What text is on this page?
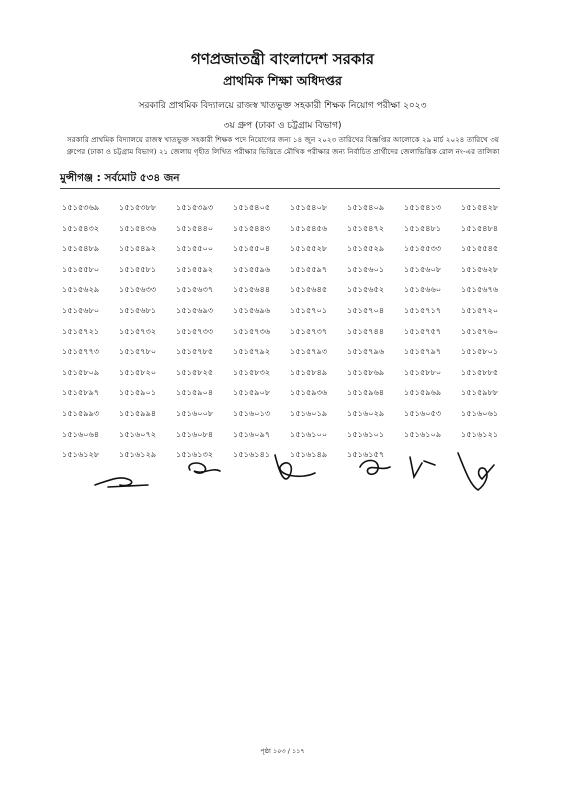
গণপ্রজাতন্ত্রী বাংলাদেশ সরকার
প্রাথমিক শিক্ষা অধিদপ্তর
সরকারি প্রাথমিক বিদ্যালয়ে রাজস্ব খাতভুক্ত সহকারী শিক্ষক নিয়োগ পরীক্ষা ২০২৩
৩য় গ্রুপ (ঢাকা ও চট্টগ্রাম বিভাগ)
সরকারি প্রাথমিক বিদ্যালয়ে রাজস্ব খাতভুক্ত সহকারী শিক্ষক পদে নিয়োগের জন্য ১৪ জুন ২০২৩ তারিখের বিজ্ঞপ্তির আলোকে ২৯ মার্চ ২০২৪ তারিখে ৩য় গ্রুপের (ঢাকা ও চট্টগ্রাম বিভাগ) ২১ জেলায় গৃহীত লিখিত পরীক্ষার ভিত্তিতে মৌখিক পরীক্ষার জন্য নির্বাচিত প্রার্থীদের জেলাভিত্তিক রোল নং-এর তালিকা
মুন্সীগঞ্জ : সর্বমোট ৫৩৪ জন
১৫১৫৩৬৯	১৫১৫৩৮৮	১৫১৫৩৯৩	১৫১৫৪০৫	১৫১৫৪০৮	১৫১৫৪০৯	১৫১৫৪১৩	১৫১৫৪২৮
১৫১৫৪৩২	১৫১৫৪৩৬	১৫১৫৪৪০	১৫১৫৪৪৩	১৫১৫৪৫৬	১৫১৫৪৭২	১৫১৫৪৮১	১৫১৫৪৮৪
১৫১৫৪৮৯	১৫১৫৪৯২	১৫১৫৫০০	১৫১৫৫০৪	১৫১৫৫২৮	১৫১৫৫২৯	১৫১৫৫৩৩	১৫১৫৫৪৫
১৫১৫৫৮০	১৫১৫৫৮১	১৫১৫৫৯২	১৫১৫৫৯৬	১৫১৫৫৯৭	১৫১৫৬০১	১৫১৫৬০৮	১৫১৫৬২৮
১৫১৫৬২৯	১৫১৫৬৩৩	১৫১৫৬৩৭	১৫১৫৬৪৪	১৫১৫৬৪৫	১৫১৫৬৫২	১৫১৫৬৬০	১৫১৫৬৭৬
১৫১৫৬৮০	১৫১৫৬৮১	১৫১৫৬৯৩	১৫১৫৬৯৬	১৫১৫৭০১	১৫১৫৭০৪	১৫১৫৭১৭	১৫১৫৭২০
১৫১৫৭২১	১৫১৫৭৩২	১৫১৫৭৩৩	১৫১৫৭৩৬	১৫১৫৭৩৭	১৫১৫৭৪৪	১৫১৫৭৫৭	১৫১৫৭৬০
১৫১৫৭৭৩	১৫১৫৭৮০	১৫১৫৭৮৫	১৫১৫৭৯২	১৫১৫৭৯৩	১৫১৫৭৯৬	১৫১৫৭৯৭	১৫১৫৮০১
১৫১৫৮০৯	১৫১৫৮২০	১৫১৫৮২৫	১৫১৫৮৩২	১৫১৫৮৪৯	১৫১৫৮৬৯	১৫১৫৮৮০	১৫১৫৮৮৫
১৫১৫৮৯৭	১৫১৫৯০১	১৫১৫৯০৪	১৫১৫৯০৮	১৫১৫৯৩৬	১৫১৫৯৬৪	১৫১৫৯৬৯	১৫১৫৯৮৮
১৫১৫৯৯৩	১৫১৫৯৯৪	১৫১৬০০৮	১৫১৬০১৩	১৫১৬০১৯	১৫১৬০২৯	১৫১৬০৫৩	১৫১৬০৬১
১৫১৬০৬৪	১৫১৬০৭২	১৫১৬০৮৪	১৫১৬০৯৭	১৫১৬১০০	১৫১৬১০১	১৫১৬১০৯	১৫১৬১২১
১৫১৬১২৮	১৫১৬১২৯	১৫১৬১৩২	১৫১৬১৪১	১৫১৬১৪৯	১৫১৬১৫৭
পৃষ্ঠা ১০৩ / ১১৭
